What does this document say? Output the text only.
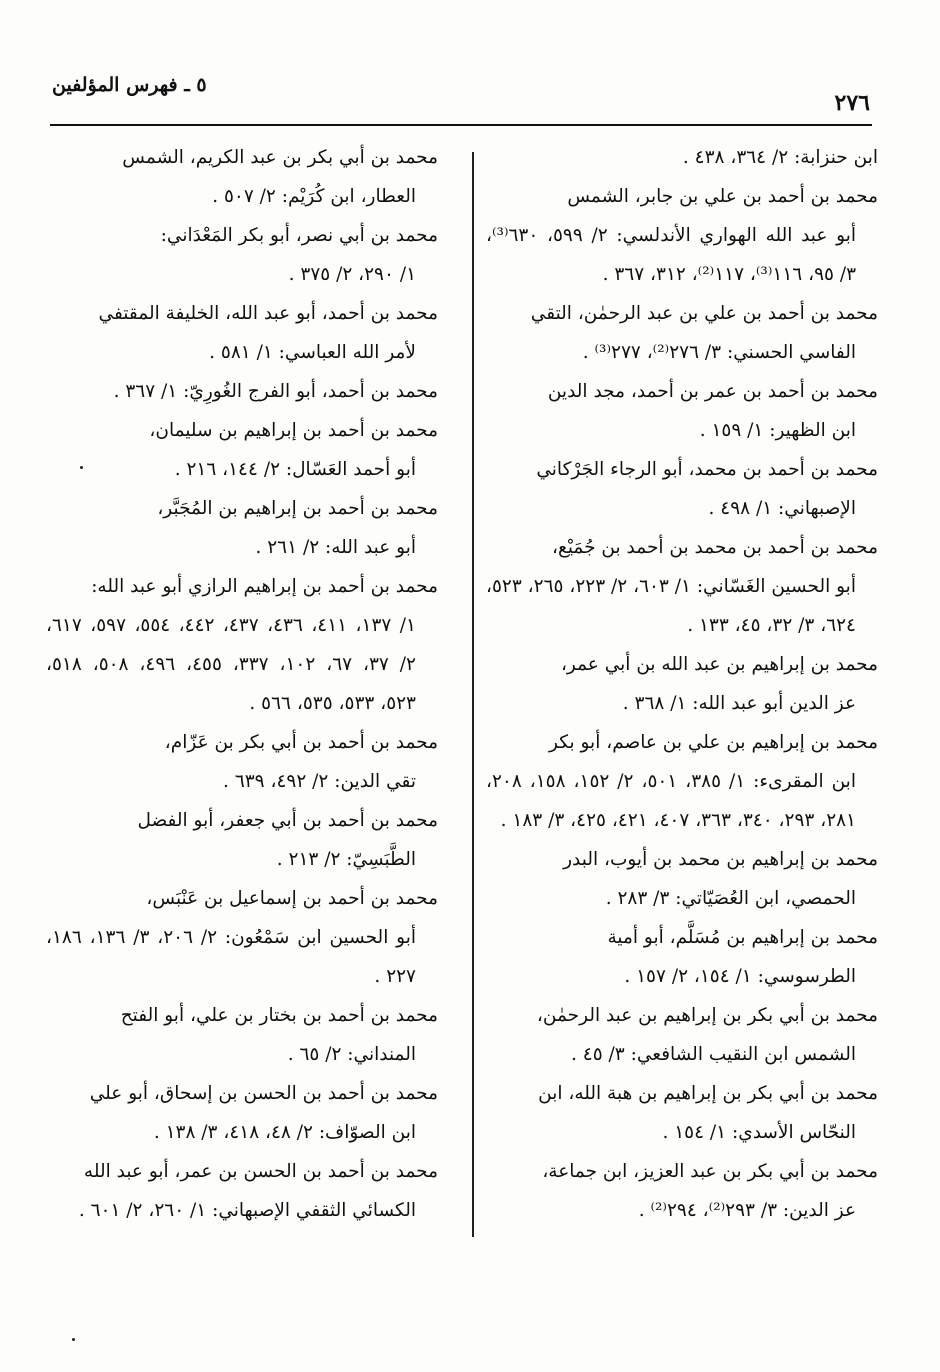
٥ ـ فهرس المؤلفين
٢٧٦

ابن حنزابة: ٢/ ٣٦٤، ٤٣٨ .

محمد بن أحمد بن علي بن جابر، الشمس
أبو عبد الله الهواري الأندلسي: ٢/ ٥٩٩، ٦٣٠⁽³⁾، ٣/ ٩٥، ١١٦⁽³⁾، ١١٧⁽²⁾، ٣١٢، ٣٦٧ .

محمد بن أحمد بن علي بن عبد الرحمٰن، التقي
الفاسي الحسني: ٣/ ٢٧٦⁽²⁾، ٢٧٧⁽³⁾ .

محمد بن أحمد بن عمر بن أحمد، مجد الدين
ابن الظهير: ١/ ١٥٩ .

محمد بن أحمد بن محمد، أبو الرجاء الجَرْكاني
الإصبهاني: ١/ ٤٩٨ .

محمد بن أحمد بن محمد بن أحمد بن جُمَيْع،
أبو الحسين الغَسّاني: ١/ ٦٠٣، ٢/ ٢٢٣، ٢٦٥، ٥٢٣، ٦٢٤، ٣/ ٣٢، ٤٥، ١٣٣ .

محمد بن إبراهيم بن عبد الله بن أبي عمر،
عز الدين أبو عبد الله: ١/ ٣٦٨ .

محمد بن إبراهيم بن علي بن عاصم، أبو بكر
ابن المقرىء: ١/ ٣٨٥، ٥٠١، ٢/ ١٥٢، ١٥٨، ٢٠٨، ٢٨١، ٢٩٣، ٣٤٠، ٣٦٣، ٤٠٧، ٤٢١، ٤٢٥، ٣/ ١٨٣ .

محمد بن إبراهيم بن محمد بن أيوب، البدر
الحمصي، ابن العُصَيّاتي: ٣/ ٢٨٣ .

محمد بن إبراهيم بن مُسَلَّم، أبو أمية
الطرسوسي: ١/ ١٥٤، ٢/ ١٥٧ .

محمد بن أبي بكر بن إبراهيم بن عبد الرحمٰن،
الشمس ابن النقيب الشافعي: ٣/ ٤٥ .

محمد بن أبي بكر بن إبراهيم بن هبة الله، ابن
النحّاس الأسدي: ١/ ١٥٤ .

محمد بن أبي بكر بن عبد العزيز، ابن جماعة،
عز الدين: ٣/ ٢٩٣⁽²⁾، ٢٩٤⁽²⁾ .

محمد بن أبي بكر بن عبد الكريم، الشمس
العطار، ابن كُرَيْم: ٢/ ٥٠٧ .

محمد بن أبي نصر، أبو بكر المَعْدَاني:
١/ ٢٩٠، ٢/ ٣٧٥ .

محمد بن أحمد، أبو عبد الله، الخليفة المقتفي
لأمر الله العباسي: ١/ ٥٨١ .

محمد بن أحمد، أبو الفرج الغُورِيّ: ١/ ٣٦٧ .

محمد بن أحمد بن إبراهيم بن سليمان،
أبو أحمد العَسّال: ٢/ ١٤٤، ٢١٦ .

محمد بن أحمد بن إبراهيم بن المُجَبَّر،
أبو عبد الله: ٢/ ٢٦١ .

محمد بن أحمد بن إبراهيم الرازي أبو عبد الله:
١/ ١٣٧، ٤١١، ٤٣٦، ٤٣٧، ٤٤٢، ٥٥٤، ٥٩٧، ٦١٧، ٢/ ٣٧، ٦٧، ١٠٢، ٣٣٧، ٤٥٥، ٤٩٦، ٥٠٨، ٥١٨، ٥٢٣، ٥٣٣، ٥٣٥، ٥٦٦ .

محمد بن أحمد بن أبي بكر بن عَزّام،
تقي الدين: ٢/ ٤٩٢، ٦٣٩ .

محمد بن أحمد بن أبي جعفر، أبو الفضل
الطَّبَسِيّ: ٢/ ٢١٣ .

محمد بن أحمد بن إسماعيل بن عَنْبَس،
أبو الحسين ابن سَمْعُون: ٢/ ٢٠٦، ٣/ ١٣٦، ١٨٦، ٢٢٧ .

محمد بن أحمد بن بختار بن علي، أبو الفتح
المنداني: ٢/ ٦٥ .

محمد بن أحمد بن الحسن بن إسحاق، أبو علي
ابن الصوّاف: ٢/ ٤٨، ٤١٨، ٣/ ١٣٨ .

محمد بن أحمد بن الحسن بن عمر، أبو عبد الله
الكسائي الثقفي الإصبهاني: ١/ ٢٦٠، ٢/ ٦٠١ .
